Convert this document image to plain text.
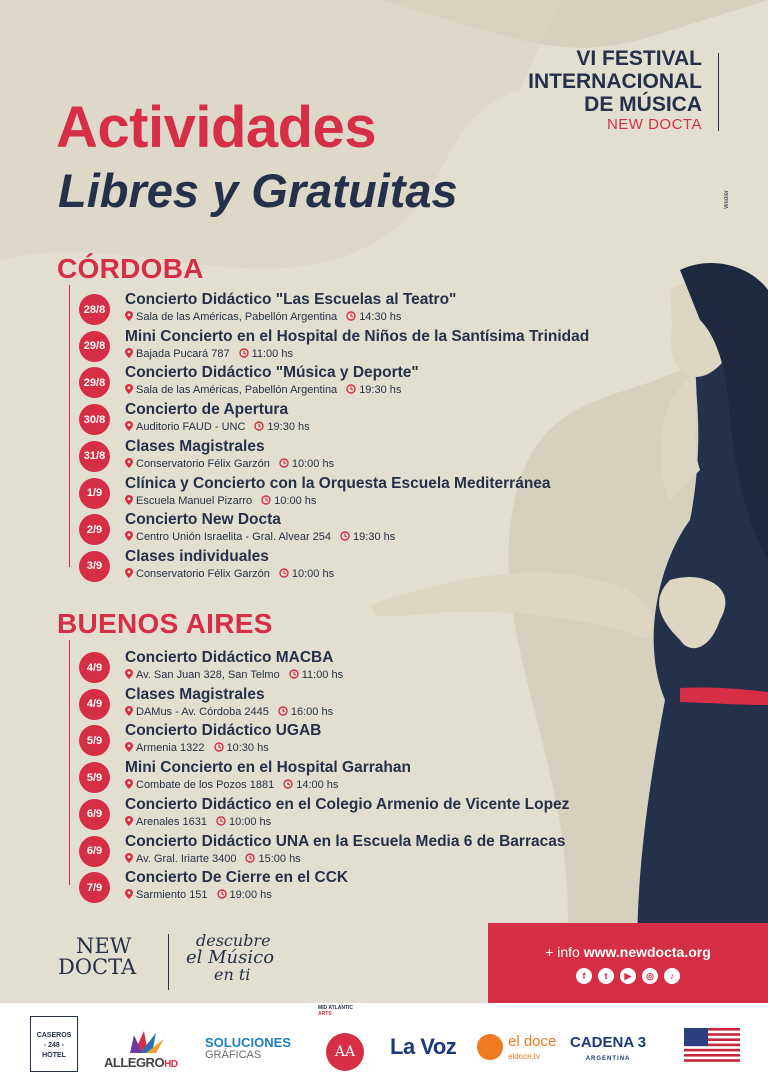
VI FESTIVAL
INTERNACIONAL
DE MÚSICA
NEW DOCTA
Wedler
Actividades
Libres y Gratuitas
CÓRDOBA
28/8
Concierto Didáctico "Las Escuelas al Teatro"
Sala de las Américas, Pabellón Argentina 14:30 hs
29/8
Mini Concierto en el Hospital de Niños de la Santísima Trinidad
Bajada Pucará 787 11:00 hs
29/8
Concierto Didáctico "Música y Deporte"
Sala de las Américas, Pabellón Argentina 19:30 hs
30/8
Concierto de Apertura
Auditorio FAUD - UNC 19:30 hs
31/8
Clases Magistrales
Conservatorio Félix Garzón 10:00 hs
1/9
Clínica y Concierto con la Orquesta Escuela Mediterránea
Escuela Manuel Pizarro 10:00 hs
2/9
Concierto New Docta
Centro Unión Israelita - Gral. Alvear 254 19:30 hs
3/9
Clases individuales
Conservatorio Félix Garzón 10:00 hs
BUENOS AIRES
4/9
Concierto Didáctico MACBA
Av. San Juan 328, San Telmo 11:00 hs
4/9
Clases Magistrales
DAMus - Av. Córdoba 2445 16:00 hs
5/9
Concierto Didáctico UGAB
Armenia 1322 10:30 hs
5/9
Mini Concierto en el Hospital Garrahan
Combate de los Pozos 1881 14:00 hs
6/9
Concierto Didáctico en el Colegio Armenio de Vicente Lopez
Arenales 1631 10:00 hs
6/9
Concierto Didáctico UNA en la Escuela Media 6 de Barracas
Av. Gral. Iriarte 3400 15:00 hs
7/9
Concierto De Cierre en el CCK
Sarmiento 151 19:00 hs
NEW
DOCTA
descubre
el Músico
en ti
+ info www.newdocta.org
f	t	▶	◎	♪
CASEROS
- 248 -
HOTEL	ALLEGROHD
SOLUCIONES
GRÁFICAS
MID ATLANTIC
ARTS
AA	La Voz	el doce
eldoce.tv
CADENA 3
ARGENTINA
